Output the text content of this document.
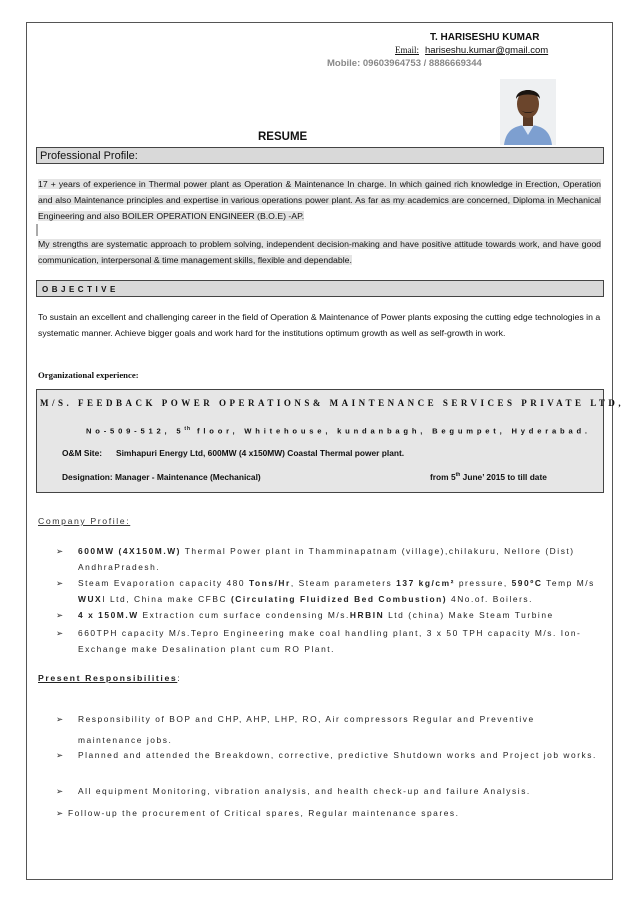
T. HARISESHU KUMAR
Email: hariseshu.kumar@gmail.com
Mobile: 09603964753 / 8886669344
RESUME
Professional Profile:
17 + years of experience in Thermal power plant as Operation & Maintenance In charge. In which gained rich knowledge in Erection, Operation and also Maintenance principles and expertise in various operations power plant. As far as my academics are concerned, Diploma in Mechanical Engineering and also BOILER OPERATION ENGINEER (B.O.E) -AP.
My strengths are systematic approach to problem solving, independent decision-making and have positive attitude towards work, and have good communication, interpersonal & time management skills, flexible and dependable.
OBJECTIVE
To sustain an excellent and challenging career in the field of Operation & Maintenance of Power plants exposing the cutting edge technologies in a systematic manner. Achieve bigger goals and work hard for the institutions optimum growth as well as self-growth in work.
Organizational experience:
M/S. FEEDBACK POWER OPERATIONS& MAINTENANCE SERVICES PRIVATE LTD,
No-509-512, 5th floor, Whitehouse, kundanbagh, Begumpet, Hyderabad.
O&M Site: Simhapuri Energy Ltd, 600MW (4 x150MW) Coastal Thermal power plant.
Designation: Manager - Maintenance (Mechanical)	from 5th June’ 2015 to till date
Company Profile:
➢ 600MW (4X150M.W) Thermal Power plant in Thamminapatnam (village),chilakuru, Nellore (Dist) AndhraPradesh.
➢ Steam Evaporation capacity 480 Tons/Hr, Steam parameters 137 kg/cm² pressure, 590ºC Temp M/s WUXI Ltd, China make CFBC (Circulating Fluidized Bed Combustion) 4No.of. Boilers.
➢ 4 x 150M.W Extraction cum surface condensing M/s.HRBIN Ltd (china) Make Steam Turbine
➢ 660TPH capacity M/s.Tepro Engineering make coal handling plant, 3 x 50 TPH capacity M/s. Ion-Exchange make Desalination plant cum RO Plant.
Present Responsibilities:
➢ Responsibility of BOP and CHP, AHP, LHP, RO, Air compressors Regular and Preventive maintenance jobs.
➢ Planned and attended the Breakdown, corrective, predictive Shutdown works and Project job works.
➢ All equipment Monitoring, vibration analysis, and health check-up and failure Analysis.
➢ Follow-up the procurement of Critical spares, Regular maintenance spares.
